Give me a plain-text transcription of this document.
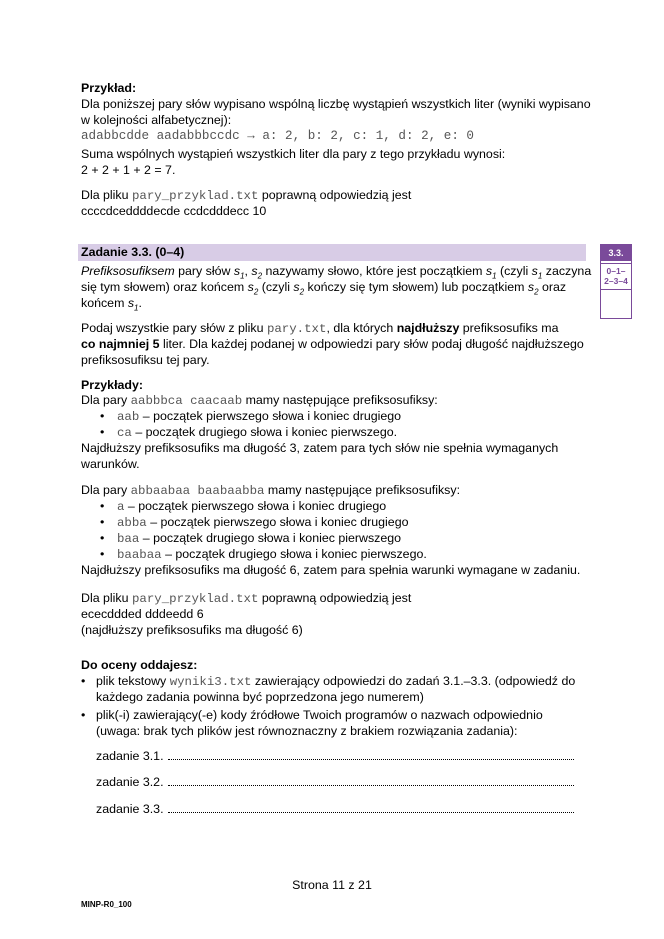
Przykład:
Dla poniższej pary słów wypisano wspólną liczbę wystąpień wszystkich liter (wyniki wypisano
w kolejności alfabetycznej):
adabbcdde aadabbbccdc → a: 2, b: 2, c: 1, d: 2, e: 0
Suma wspólnych wystąpień wszystkich liter dla pary z tego przykładu wynosi:
2 + 2 + 1 + 2 = 7.
Dla pliku pary_przyklad.txt poprawną odpowiedzią jest
ccccdceddddecde ccdcdddecc 10
Zadanie 3.3. (0–4)	3.3.
0–1–
2–3–4
Prefiksosufiksem pary słów $s_1$, $s_2$ nazywamy słowo, które jest początkiem $s_1$ (czyli $s_1$ zaczyna
się tym słowem) oraz końcem $s_2$ (czyli $s_2$ kończy się tym słowem) lub początkiem $s_2$ oraz
końcem $s_1$.
Podaj wszystkie pary słów z pliku pary.txt, dla których najdłuższy prefiksosufiks ma
co najmniej 5 liter. Dla każdej podanej w odpowiedzi pary słów podaj długość najdłuższego
prefiksosufiksu tej pary.
Przykłady:
Dla pary aabbbca caacaab mamy następujące prefiksosufiksy:
• aab – początek pierwszego słowa i koniec drugiego
• ca – początek drugiego słowa i koniec pierwszego.
Najdłuższy prefiksosufiks ma długość 3, zatem para tych słów nie spełnia wymaganych
warunków.
Dla pary abbaabaa baabaabba mamy następujące prefiksosufiksy:
• a – początek pierwszego słowa i koniec drugiego
• abba – początek pierwszego słowa i koniec drugiego
• baa – początek drugiego słowa i koniec pierwszego
• baabaa – początek drugiego słowa i koniec pierwszego.
Najdłuższy prefiksosufiks ma długość 6, zatem para spełnia warunki wymagane w zadaniu.
Dla pliku pary_przyklad.txt poprawną odpowiedzią jest
ececddded dddeedd 6
(najdłuższy prefiksosufiks ma długość 6)
Do oceny oddajesz:
• plik tekstowy wyniki3.txt zawierający odpowiedzi do zadań 3.1.–3.3. (odpowiedź do
każdego zadania powinna być poprzedzona jego numerem)
• plik(-i) zawierający(-e) kody źródłowe Twoich programów o nazwach odpowiednio
(uwaga: brak tych plików jest równoznaczny z brakiem rozwiązania zadania):
zadanie 3.1.
zadanie 3.2.
zadanie 3.3.
Strona 11 z 21
MINP-R0_100
